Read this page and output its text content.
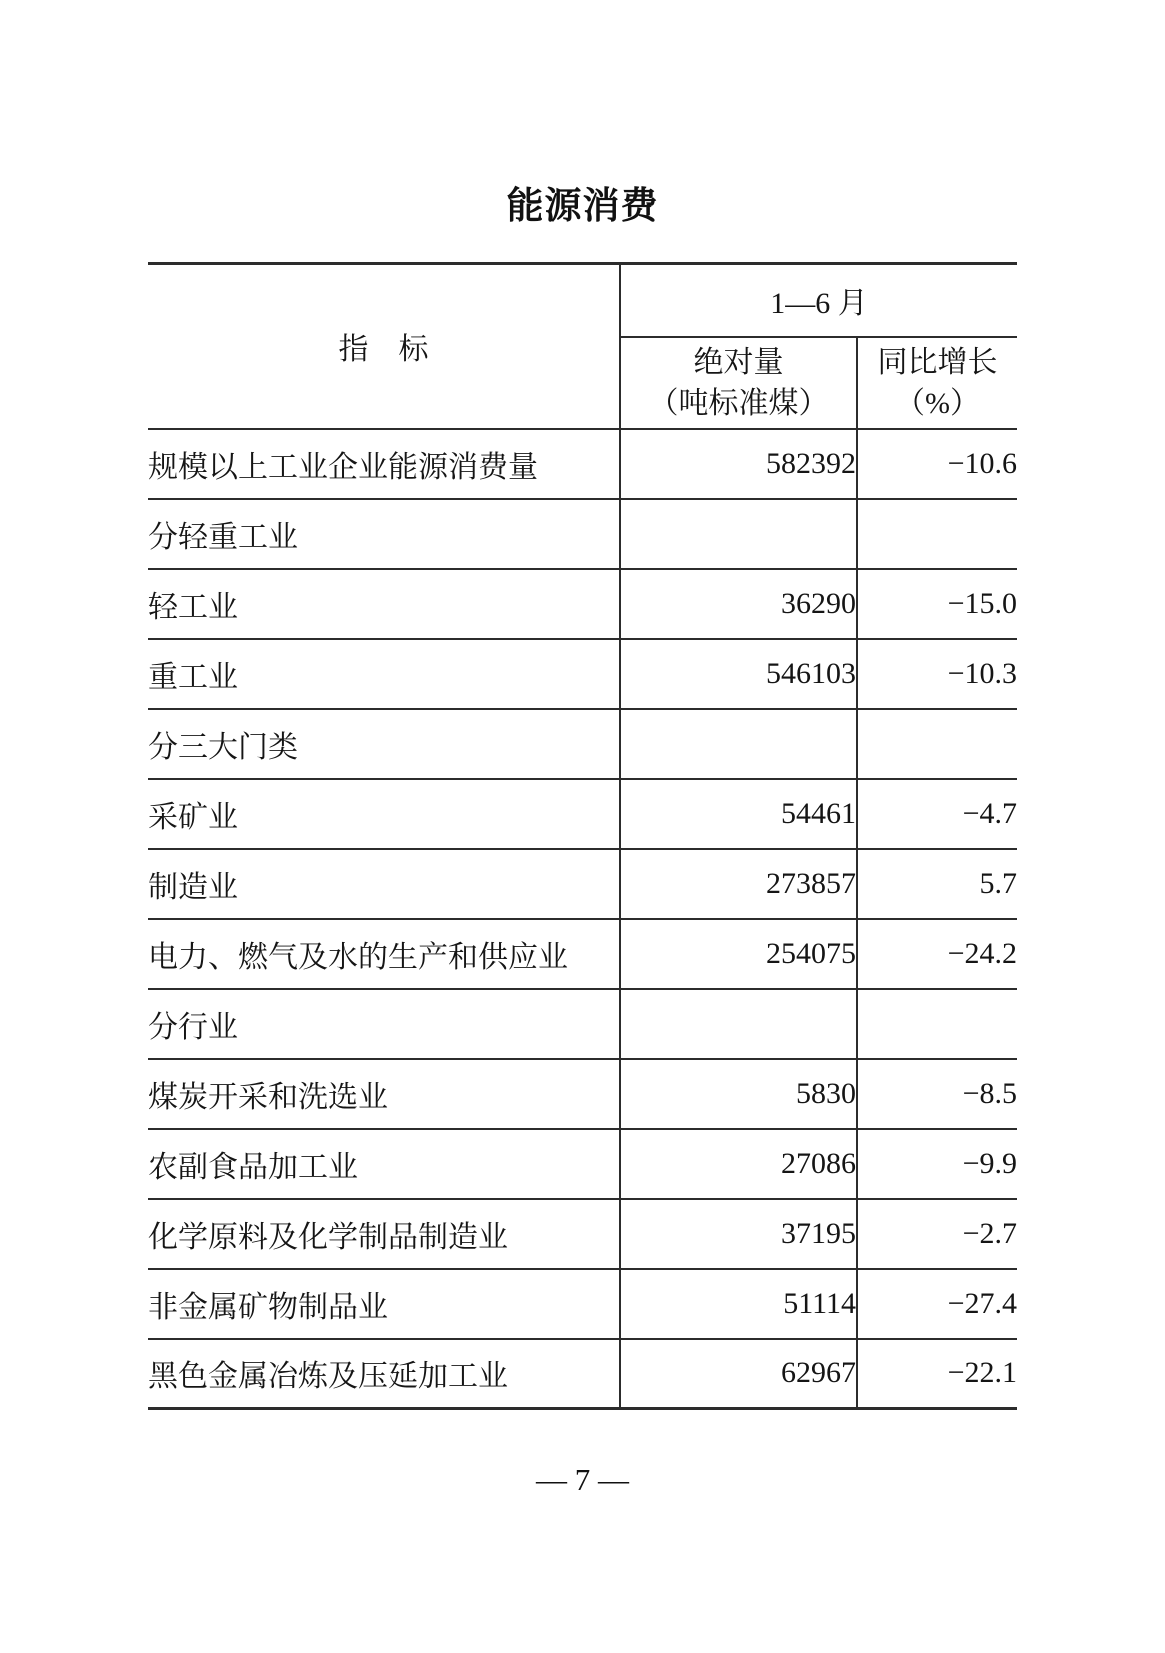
能源消费
指　标	1—6 月	

	绝对量
（吨标准煤）	同比增长
（%）

规模以上工业企业能源消费量	582392	−10.6
分轻重工业		
轻工业	36290	−15.0
重工业	546103	−10.3
分三大门类		
采矿业	54461	−4.7
制造业	273857	5.7
电力、燃气及水的生产和供应业	254075	−24.2
分行业		
煤炭开采和洗选业	5830	−8.5
农副食品加工业	27086	−9.9
化学原料及化学制品制造业	37195	−2.7
非金属矿物制品业	51114	−27.4
黑色金属冶炼及压延加工业	62967	−22.1
— 7 —
